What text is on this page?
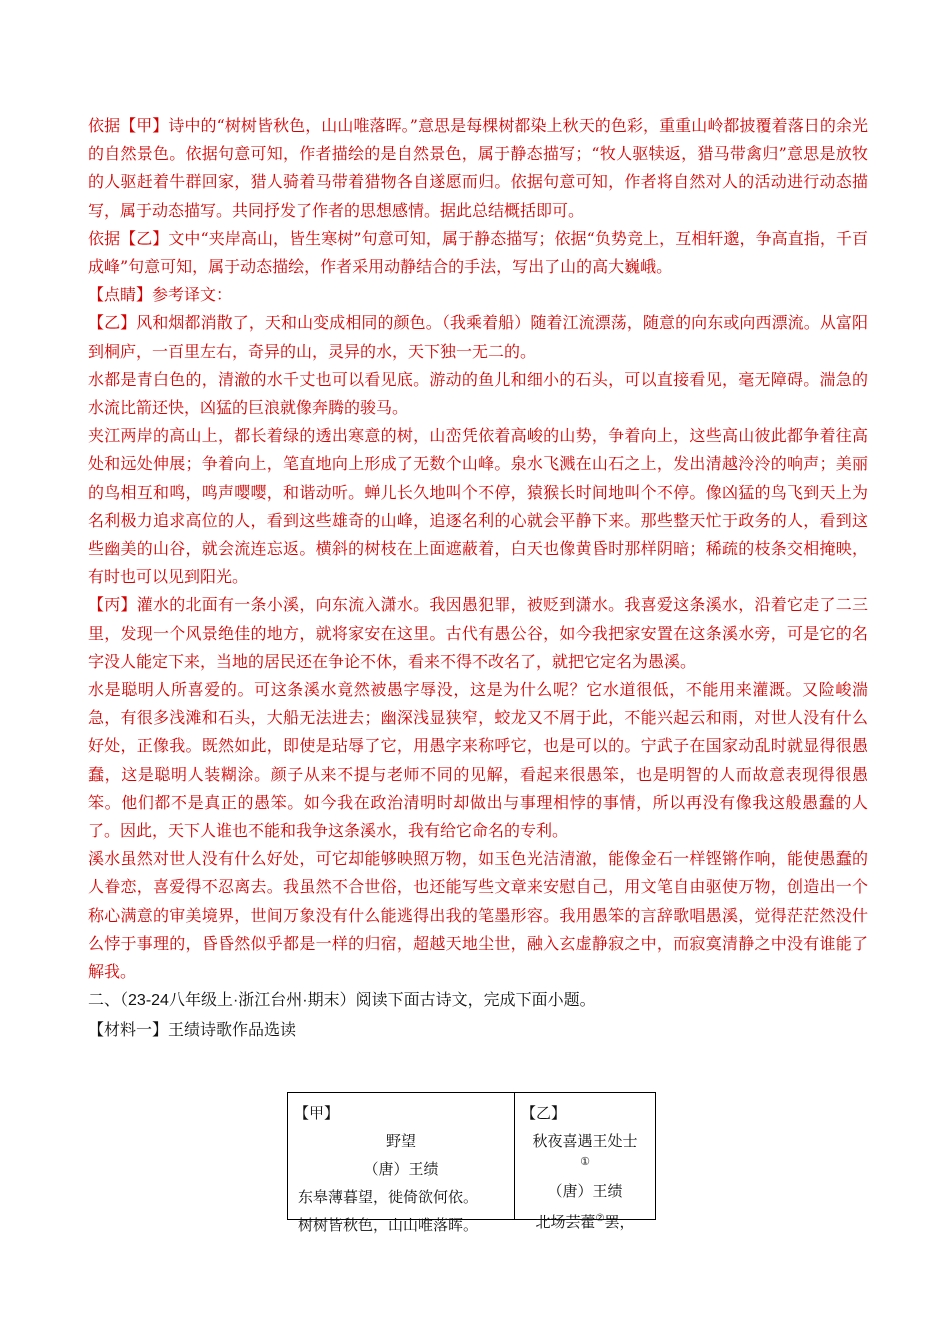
依据【甲】诗中的“树树皆秋色，山山唯落晖。”意思是每棵树都染上秋天的色彩，重重山岭都披覆着落日的余光的自然景色。依据句意可知，作者描绘的是自然景色，属于静态描写；“牧人驱犊返，猎马带禽归”意思是放牧的人驱赶着牛群回家，猎人骑着马带着猎物各自遂愿而归。依据句意可知，作者将自然对人的活动进行动态描写，属于动态描写。共同抒发了作者的思想感情。据此总结概括即可。

依据【乙】文中“夹岸高山，皆生寒树”句意可知，属于静态描写；依据“负势竞上，互相轩邈，争高直指，千百成峰”句意可知，属于动态描绘，作者采用动静结合的手法，写出了山的高大巍峨。

【点睛】参考译文：

【乙】风和烟都消散了，天和山变成相同的颜色。（我乘着船）随着江流漂荡，随意的向东或向西漂流。从富阳到桐庐，一百里左右，奇异的山，灵异的水，天下独一无二的。

水都是青白色的，清澈的水千丈也可以看见底。游动的鱼儿和细小的石头，可以直接看见，毫无障碍。湍急的水流比箭还快，凶猛的巨浪就像奔腾的骏马。

夹江两岸的高山上，都长着绿的透出寒意的树，山峦凭依着高峻的山势，争着向上，这些高山彼此都争着往高处和远处伸展；争着向上，笔直地向上形成了无数个山峰。泉水飞溅在山石之上，发出清越泠泠的响声；美丽的鸟相互和鸣，鸣声嘤嘤，和谐动听。蝉儿长久地叫个不停，猿猴长时间地叫个不停。像凶猛的鸟飞到天上为名利极力追求高位的人，看到这些雄奇的山峰，追逐名利的心就会平静下来。那些整天忙于政务的人，看到这些幽美的山谷，就会流连忘返。横斜的树枝在上面遮蔽着，白天也像黄昏时那样阴暗；稀疏的枝条交相掩映，有时也可以见到阳光。

【丙】灌水的北面有一条小溪，向东流入潇水。我因愚犯罪，被贬到潇水。我喜爱这条溪水，沿着它走了二三里，发现一个风景绝佳的地方，就将家安在这里。古代有愚公谷，如今我把家安置在这条溪水旁，可是它的名字没人能定下来，当地的居民还在争论不休，看来不得不改名了，就把它定名为愚溪。

水是聪明人所喜爱的。可这条溪水竟然被愚字辱没，这是为什么呢？它水道很低，不能用来灌溉。又险峻湍急，有很多浅滩和石头，大船无法进去；幽深浅显狭窄，蛟龙又不屑于此，不能兴起云和雨，对世人没有什么好处，正像我。既然如此，即使是玷辱了它，用愚字来称呼它，也是可以的。宁武子在国家动乱时就显得很愚蠢，这是聪明人装糊涂。颜子从来不提与老师不同的见解，看起来很愚笨，也是明智的人而故意表现得很愚笨。他们都不是真正的愚笨。如今我在政治清明时却做出与事理相悖的事情，所以再没有像我这般愚蠢的人了。因此，天下人谁也不能和我争这条溪水，我有给它命名的专利。

溪水虽然对世人没有什么好处，可它却能够映照万物，如玉色光洁清澈，能像金石一样铿锵作响，能使愚蠢的人眷恋，喜爱得不忍离去。我虽然不合世俗，也还能写些文章来安慰自己，用文笔自由驱使万物，创造出一个称心满意的审美境界，世间万象没有什么能逃得出我的笔墨形容。我用愚笨的言辞歌唱愚溪，觉得茫茫然没什么悖于事理的，昏昏然似乎都是一样的归宿，超越天地尘世，融入玄虚静寂之中，而寂寞清静之中没有谁能了解我。

二、（23-24八年级上·浙江台州·期末）阅读下面古诗文，完成下面小题。

【材料一】王绩诗歌作品选读

【甲】
野望
（唐）王绩
东皋薄暮望，徙倚欲何依。
树树皆秋色，山山唯落晖。
【乙】
秋夜喜遇王处士
①
（唐）王绩
北场芸藿②罢，
